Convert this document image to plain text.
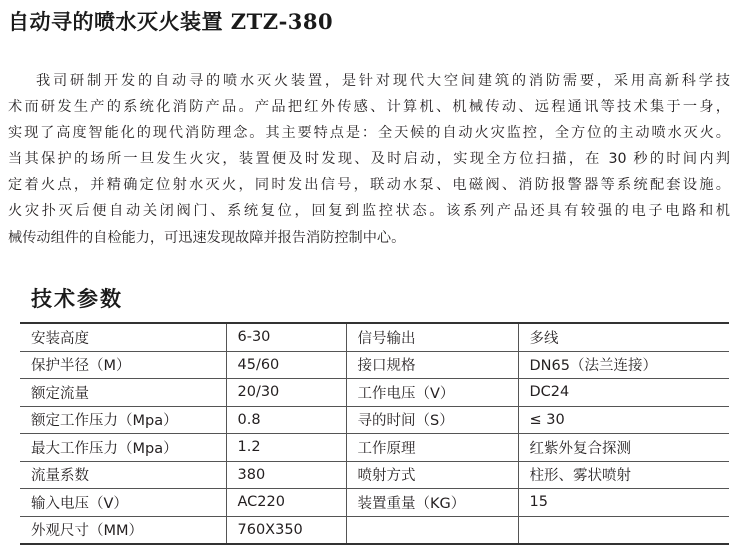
自动寻的喷水灭火装置 ZTZ-380

我司研制开发的自动寻的喷水灭火装置，是针对现代大空间建筑的消防需要，采用高新科学技
术而研发生产的系统化消防产品。产品把红外传感、计算机、机械传动、远程通讯等技术集于一身，
实现了高度智能化的现代消防理念。其主要特点是：全天候的自动火灾监控，全方位的主动喷水灭火。
当其保护的场所一旦发生火灾，装置便及时发现、及时启动，实现全方位扫描，在 30 秒的时间内判
定着火点，并精确定位射水灭火，同时发出信号，联动水泵、电磁阀、消防报警器等系统配套设施。
火灾扑灭后便自动关闭阀门、系统复位，回复到监控状态。该系列产品还具有较强的电子电路和机
械传动组件的自检能力，可迅速发现故障并报告消防控制中心。

技术参数
安装高度	6-30	信号输出	多线
保护半径（M）	45/60	接口规格	DN65（法兰连接）
额定流量	20/30	工作电压（V）	DC24
额定工作压力（Mpa）	0.8	寻的时间（S）	≤ 30
最大工作压力（Mpa）	1.2	工作原理	红紫外复合探测
流量系数	380	喷射方式	柱形、雾状喷射
输入电压（V）	AC220	装置重量（KG）	15
外观尺寸（MM）	760X350		
